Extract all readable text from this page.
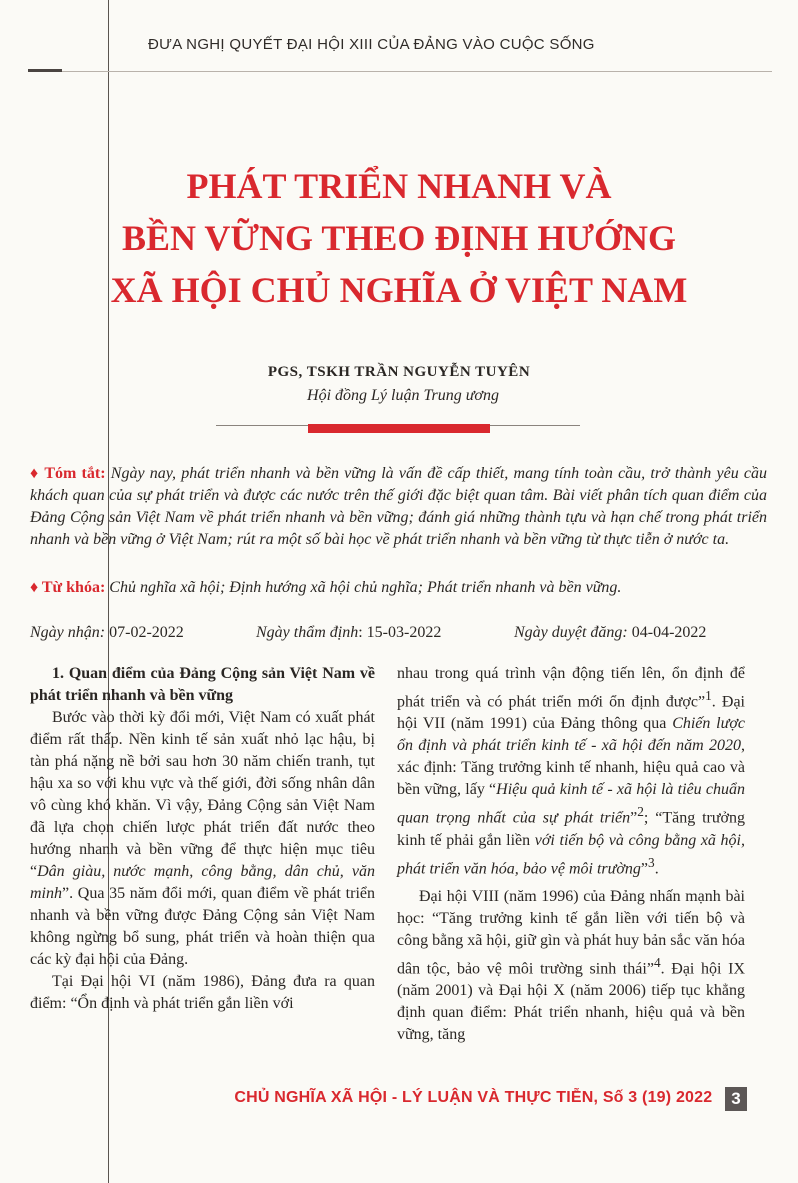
ĐƯA NGHỊ QUYẾT ĐẠI HỘI XIII CỦA ĐẢNG VÀO CUỘC SỐNG
PHÁT TRIỂN NHANH VÀ
BỀN VỮNG THEO ĐỊNH HƯỚNG
XÃ HỘI CHỦ NGHĨA Ở VIỆT NAM
PGS, TSKH TRẦN NGUYỄN TUYÊN
Hội đồng Lý luận Trung ương
♦ Tóm tắt: Ngày nay, phát triển nhanh và bền vững là vấn đề cấp thiết, mang tính toàn cầu, trở thành yêu cầu khách quan của sự phát triển và được các nước trên thế giới đặc biệt quan tâm. Bài viết phân tích quan điểm của Đảng Cộng sản Việt Nam về phát triển nhanh và bền vững; đánh giá những thành tựu và hạn chế trong phát triển nhanh và bền vững ở Việt Nam; rút ra một số bài học về phát triển nhanh và bền vững từ thực tiễn ở nước ta.
♦ Từ khóa: Chủ nghĩa xã hội; Định hướng xã hội chủ nghĩa; Phát triển nhanh và bền vững.
Ngày nhận: 07-02-2022	Ngày thẩm định: 15-03-2022	Ngày duyệt đăng: 04-04-2022

1. Quan điểm của Đảng Cộng sản Việt Nam về phát triển nhanh và bền vững

Bước vào thời kỳ đổi mới, Việt Nam có xuất phát điểm rất thấp. Nền kinh tế sản xuất nhỏ lạc hậu, bị tàn phá nặng nề bởi sau hơn 30 năm chiến tranh, tụt hậu xa so với khu vực và thế giới, đời sống nhân dân vô cùng khó khăn. Vì vậy, Đảng Cộng sản Việt Nam đã lựa chọn chiến lược phát triển đất nước theo hướng nhanh và bền vững để thực hiện mục tiêu “Dân giàu, nước mạnh, công bằng, dân chủ, văn minh”. Qua 35 năm đổi mới, quan điểm về phát triển nhanh và bền vững được Đảng Cộng sản Việt Nam không ngừng bổ sung, phát triển và hoàn thiện qua các kỳ đại hội của Đảng.

Tại Đại hội VI (năm 1986), Đảng đưa ra quan điểm: “Ổn định và phát triển gắn liền với

nhau trong quá trình vận động tiến lên, ổn định để phát triển và có phát triển mới ổn định được”$^1$. Đại hội VII (năm 1991) của Đảng thông qua Chiến lược ổn định và phát triển kinh tế - xã hội đến năm 2020, xác định: Tăng trưởng kinh tế nhanh, hiệu quả cao và bền vững, lấy “Hiệu quả kinh tế - xã hội là tiêu chuẩn quan trọng nhất của sự phát triển”$^2$; “Tăng trưởng kinh tế phải gắn liền với tiến bộ và công bằng xã hội, phát triển văn hóa, bảo vệ môi trường”$^3$.

Đại hội VIII (năm 1996) của Đảng nhấn mạnh bài học: “Tăng trưởng kinh tế gắn liền với tiến bộ và công bằng xã hội, giữ gìn và phát huy bản sắc văn hóa dân tộc, bảo vệ môi trường sinh thái”$^4$. Đại hội IX (năm 2001) và Đại hội X (năm 2006) tiếp tục khẳng định quan điểm: Phát triển nhanh, hiệu quả và bền vững, tăng

CHỦ NGHĨA XÃ HỘI - LÝ LUẬN VÀ THỰC TIỄN, Số 3 (19) 2022	3
